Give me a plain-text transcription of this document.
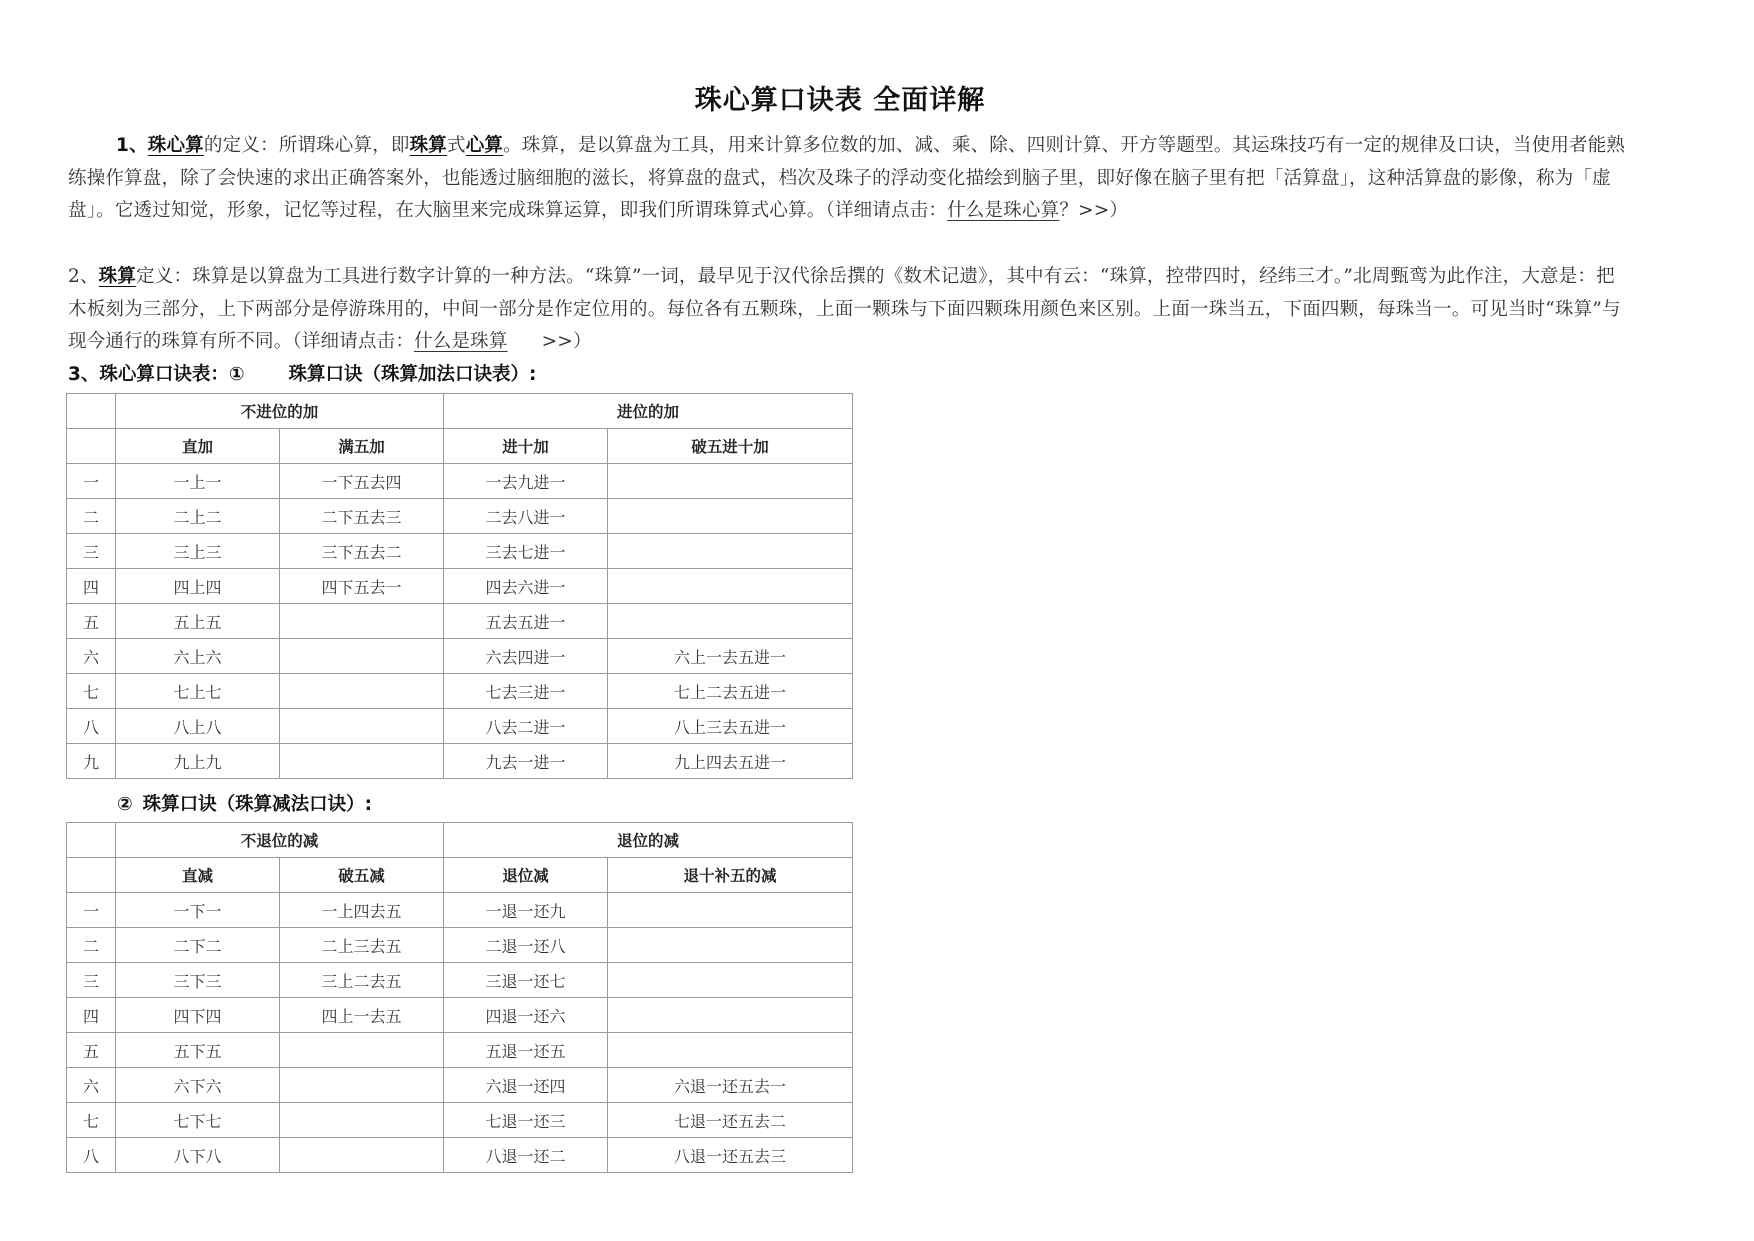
珠心算口诀表 全面详解
1、珠心算的定义：所谓珠心算，即珠算式心算。珠算，是以算盘为工具，用来计算多位数的加、减、乘、除、四则计算、开方等题型。其运珠技巧有一定的规律及口诀，当使用者能熟练操作算盘，除了会快速的求出正确答案外，也能透过脑细胞的滋长，将算盘的盘式，档次及珠子的浮动变化描绘到脑子里，即好像在脑子里有把「活算盘」，这种活算盘的影像，称为「虚盘」。它透过知觉，形象，记忆等过程，在大脑里来完成珠算运算，即我们所谓珠算式心算。（详细请点击：什么是珠心算？>>）
2、珠算定义：珠算是以算盘为工具进行数字计算的一种方法。“珠算”一词，最早见于汉代徐岳撰的《数术记遗》，其中有云：“珠算，控带四时，经纬三才。”北周甄鸾为此作注，大意是：把木板刻为三部分，上下两部分是停游珠用的，中间一部分是作定位用的。每位各有五颗珠，上面一颗珠与下面四颗珠用颜色来区别。上面一珠当五，下面四颗，每珠当一。可见当时“珠算”与现今通行的珠算有所不同。（详细请点击：什么是珠算 >>）
3、珠心算口诀表：① 珠算口诀（珠算加法口诀表）:
	不进位的加		进位的加	
	直加	满五加	进十加	破五进十加
一	一上一	一下五去四	一去九进一	
二	二上二	二下五去三	二去八进一	
三	三上三	三下五去二	三去七进一	
四	四上四	四下五去一	四去六进一	
五	五上五		五去五进一	
六	六上六		六去四进一	六上一去五进一
七	七上七		七去三进一	七上二去五进一
八	八上八		八去二进一	八上三去五进一
九	九上九		九去一进一	九上四去五进一
② 珠算口诀（珠算减法口诀）:
	不退位的减		退位的减	
	直减	破五减	退位减	退十补五的减
一	一下一	一上四去五	一退一还九	
二	二下二	二上三去五	二退一还八	
三	三下三	三上二去五	三退一还七	
四	四下四	四上一去五	四退一还六	
五	五下五		五退一还五	
六	六下六		六退一还四	六退一还五去一
七	七下七		七退一还三	七退一还五去二
八	八下八		八退一还二	八退一还五去三
